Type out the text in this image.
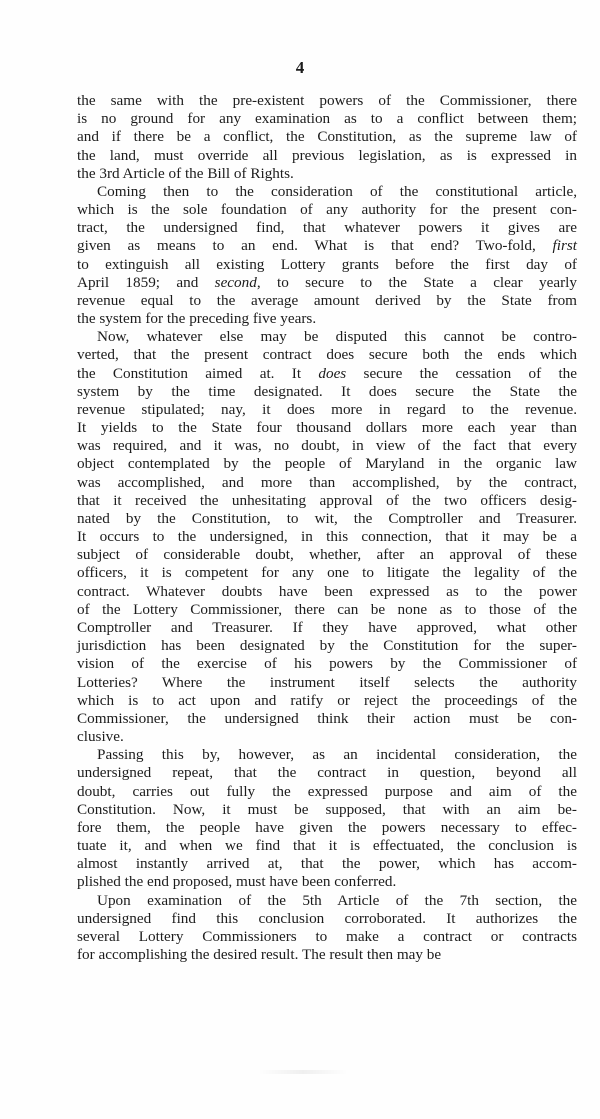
4
the same with the pre-existent powers of the Commissioner, there
is no ground for any examination as to a conflict between them;
and if there be a conflict, the Constitution, as the supreme law of
the land, must override all previous legislation, as is expressed in
the 3rd Article of the Bill of Rights.
Coming then to the consideration of the constitutional article,
which is the sole foundation of any authority for the present con-
tract, the undersigned find, that whatever powers it gives are
given as means to an end. What is that end? Two-fold, first
to extinguish all existing Lottery grants before the first day of
April 1859; and second, to secure to the State a clear yearly
revenue equal to the average amount derived by the State from
the system for the preceding five years.
Now, whatever else may be disputed this cannot be contro-
verted, that the present contract does secure both the ends which
the Constitution aimed at. It does secure the cessation of the
system by the time designated. It does secure the State the
revenue stipulated; nay, it does more in regard to the revenue.
It yields to the State four thousand dollars more each year than
was required, and it was, no doubt, in view of the fact that every
object contemplated by the people of Maryland in the organic law
was accomplished, and more than accomplished, by the contract,
that it received the unhesitating approval of the two officers desig-
nated by the Constitution, to wit, the Comptroller and Treasurer.
It occurs to the undersigned, in this connection, that it may be a
subject of considerable doubt, whether, after an approval of these
officers, it is competent for any one to litigate the legality of the
contract. Whatever doubts have been expressed as to the power
of the Lottery Commissioner, there can be none as to those of the
Comptroller and Treasurer. If they have approved, what other
jurisdiction has been designated by the Constitution for the super-
vision of the exercise of his powers by the Commissioner of
Lotteries? Where the instrument itself selects the authority
which is to act upon and ratify or reject the proceedings of the
Commissioner, the undersigned think their action must be con-
clusive.
Passing this by, however, as an incidental consideration, the
undersigned repeat, that the contract in question, beyond all
doubt, carries out fully the expressed purpose and aim of the
Constitution. Now, it must be supposed, that with an aim be-
fore them, the people have given the powers necessary to effec-
tuate it, and when we find that it is effectuated, the conclusion is
almost instantly arrived at, that the power, which has accom-
plished the end proposed, must have been conferred.
Upon examination of the 5th Article of the 7th section, the
undersigned find this conclusion corroborated. It authorizes the
several Lottery Commissioners to make a contract or contracts
for accomplishing the desired result. The result then may be
